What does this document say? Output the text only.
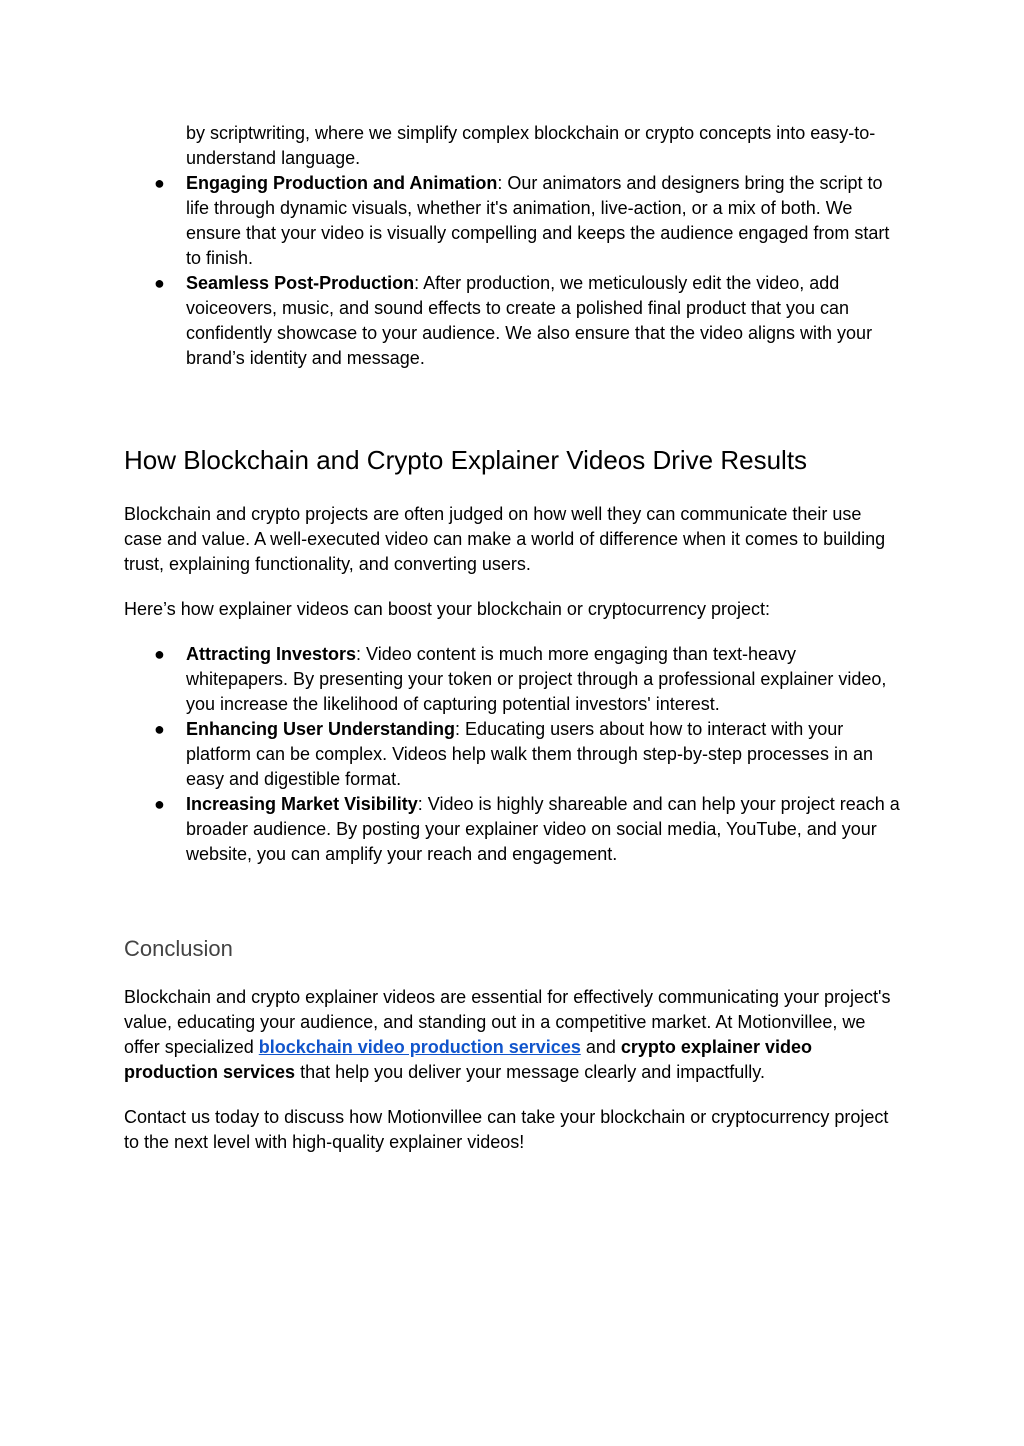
by scriptwriting, where we simplify complex blockchain or crypto concepts into easy-to-understand language.

● Engaging Production and Animation: Our animators and designers bring the script to life through dynamic visuals, whether it's animation, live-action, or a mix of both. We ensure that your video is visually compelling and keeps the audience engaged from start to finish.
● Seamless Post-Production: After production, we meticulously edit the video, add voiceovers, music, and sound effects to create a polished final product that you can confidently showcase to your audience. We also ensure that the video aligns with your brand’s identity and message.
How Blockchain and Crypto Explainer Videos Drive Results

Blockchain and crypto projects are often judged on how well they can communicate their use case and value. A well-executed video can make a world of difference when it comes to building trust, explaining functionality, and converting users.

Here’s how explainer videos can boost your blockchain or cryptocurrency project:

● Attracting Investors: Video content is much more engaging than text-heavy whitepapers. By presenting your token or project through a professional explainer video, you increase the likelihood of capturing potential investors' interest.
● Enhancing User Understanding: Educating users about how to interact with your platform can be complex. Videos help walk them through step-by-step processes in an easy and digestible format.
● Increasing Market Visibility: Video is highly shareable and can help your project reach a broader audience. By posting your explainer video on social media, YouTube, and your website, you can amplify your reach and engagement.
Conclusion

Blockchain and crypto explainer videos are essential for effectively communicating your project's value, educating your audience, and standing out in a competitive market. At Motionvillee, we offer specialized blockchain video production services and crypto explainer video production services that help you deliver your message clearly and impactfully.

Contact us today to discuss how Motionvillee can take your blockchain or cryptocurrency project to the next level with high-quality explainer videos!
